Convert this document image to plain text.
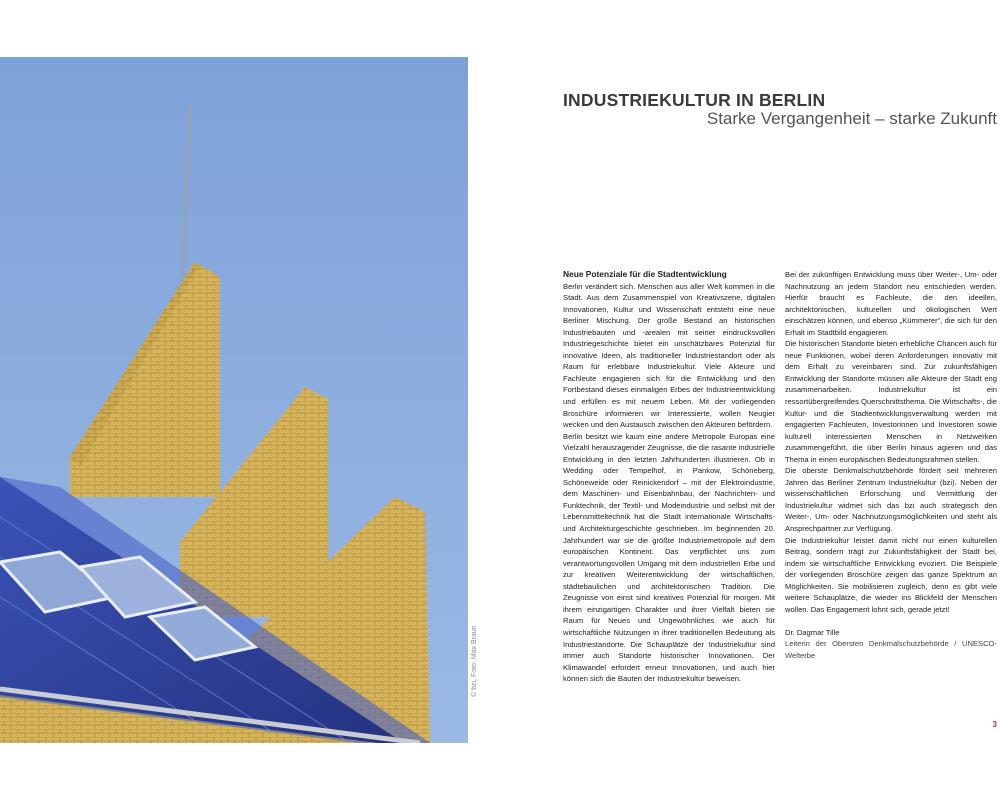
© bzi, Foto: Max Braun
INDUSTRIEKULTUR IN BERLIN
Starke Vergangenheit – starke Zukunft
Neue Potenziale für die Stadtentwicklung

Berlin verändert sich. Menschen aus aller Welt kommen in die Stadt. Aus dem Zusammenspiel von Kreativszene, digitalen Innovationen, Kultur und Wissenschaft entsteht eine neue Berliner Mischung. Der große Bestand an historischen Industriebauten und -arealen mit seiner eindrucksvollen Industriegeschichte bietet ein unschätzbares Potenzial für innovative Ideen, als traditioneller Industriestandort oder als Raum für erlebbare Industriekultur. Viele Akteure und Fachleute engagieren sich für die Entwicklung und den Fortbestand dieses einmaligen Erbes der Industrieentwicklung und erfüllen es mit neuem Leben. Mit der vorliegenden Broschüre informieren wir Interessierte, wollen Neugier wecken und den Austausch zwischen den Akteuren befördern.

Berlin besitzt wie kaum eine andere Metropole Europas eine Vielzahl herausragender Zeugnisse, die die rasante industrielle Entwicklung in den letzten Jahrhunderten illustrieren. Ob in Wedding oder Tempelhof, in Pankow, Schöneberg, Schöneweide oder Reinickendorf – mit der Elektroindustrie, dem Maschinen- und Eisenbahnbau, der Nachrichten- und Funktechnik, der Textil- und Modeindustrie und selbst mit der Lebensmitteltechnik hat die Stadt internationale Wirtschafts- und Architekturgeschichte geschrieben. Im beginnenden 20. Jahrhundert war sie die größte Industriemetropole auf dem europäischen Kontinent. Das verpflichtet uns zum verantwortungsvollen Umgang mit dem industriellen Erbe und zur kreativen Weiterentwicklung der wirtschaftlichen, städtebaulichen und architektonischen Tradition. Die Zeugnisse von einst sind kreatives Potenzial für morgen. Mit ihrem einzigartigen Charakter und ihrer Vielfalt bieten sie Raum für Neues und Ungewöhnliches wie auch für wirtschaftliche Nutzungen in ihrer traditionellen Bedeutung als Industriestandorte. Die Schauplätze der Industriekultur sind immer auch Standorte historischer Innovationen. Der Klimawandel erfordert erneut Innovationen, und auch hier können sich die Bauten der Industriekultur beweisen.

Bei der zukünftigen Entwicklung muss über Weiter-, Um- oder Nachnutzung an jedem Standort neu entschieden werden. Hierfür braucht es Fachleute, die den ideellen, architektonischen, kulturellen und ökologischen Wert einschätzen können, und ebenso „Kümmerer“, die sich für den Erhalt im Stadtbild engagieren.

Die historischen Standorte bieten erhebliche Chancen auch für neue Funktionen, wobei deren Anforderungen innovativ mit dem Erhalt zu vereinbaren sind. Zur zukunftsfähigen Entwicklung der Standorte müssen alle Akteure der Stadt eng zusammenarbeiten. Industriekultur ist ein ressortübergreifendes Querschnittsthema. Die Wirtschafts-, die Kultur- und die Stadtentwicklungsverwaltung werden mit engagierten Fachleuten, Investorinnen und Investoren sowie kulturell interessierten Menschen in Netzwerken zusammengeführt, die über Berlin hinaus agieren und das Thema in einen europäischen Bedeutungsrahmen stellen.

Die oberste Denkmalschutzbehörde fördert seit mehreren Jahren das Berliner Zentrum Industriekultur (bzi). Neben der wissenschaftlichen Erforschung und Vermittlung der Industriekultur widmet sich das bzi auch strategisch den Weiter-, Um- oder Nachnutzungsmöglichkeiten und steht als Ansprechpartner zur Verfügung.

Die Industriekultur leistet damit nicht nur einen kulturellen Beitrag, sondern trägt zur Zukunftsfähigkeit der Stadt bei, indem sie wirtschaftliche Entwicklung evoziert. Die Beispiele der vorliegenden Broschüre zeigen das ganze Spektrum an Möglichkeiten. Sie mobilisieren zugleich, denn es gibt viele weitere Schauplätze, die wieder ins Blickfeld der Menschen wollen. Das Engagement lohnt sich, gerade jetzt!

Dr. Dagmar Tille
Leiterin der Obersten Denkmalschutzbehörde / UNESCO-Welterbe
3
